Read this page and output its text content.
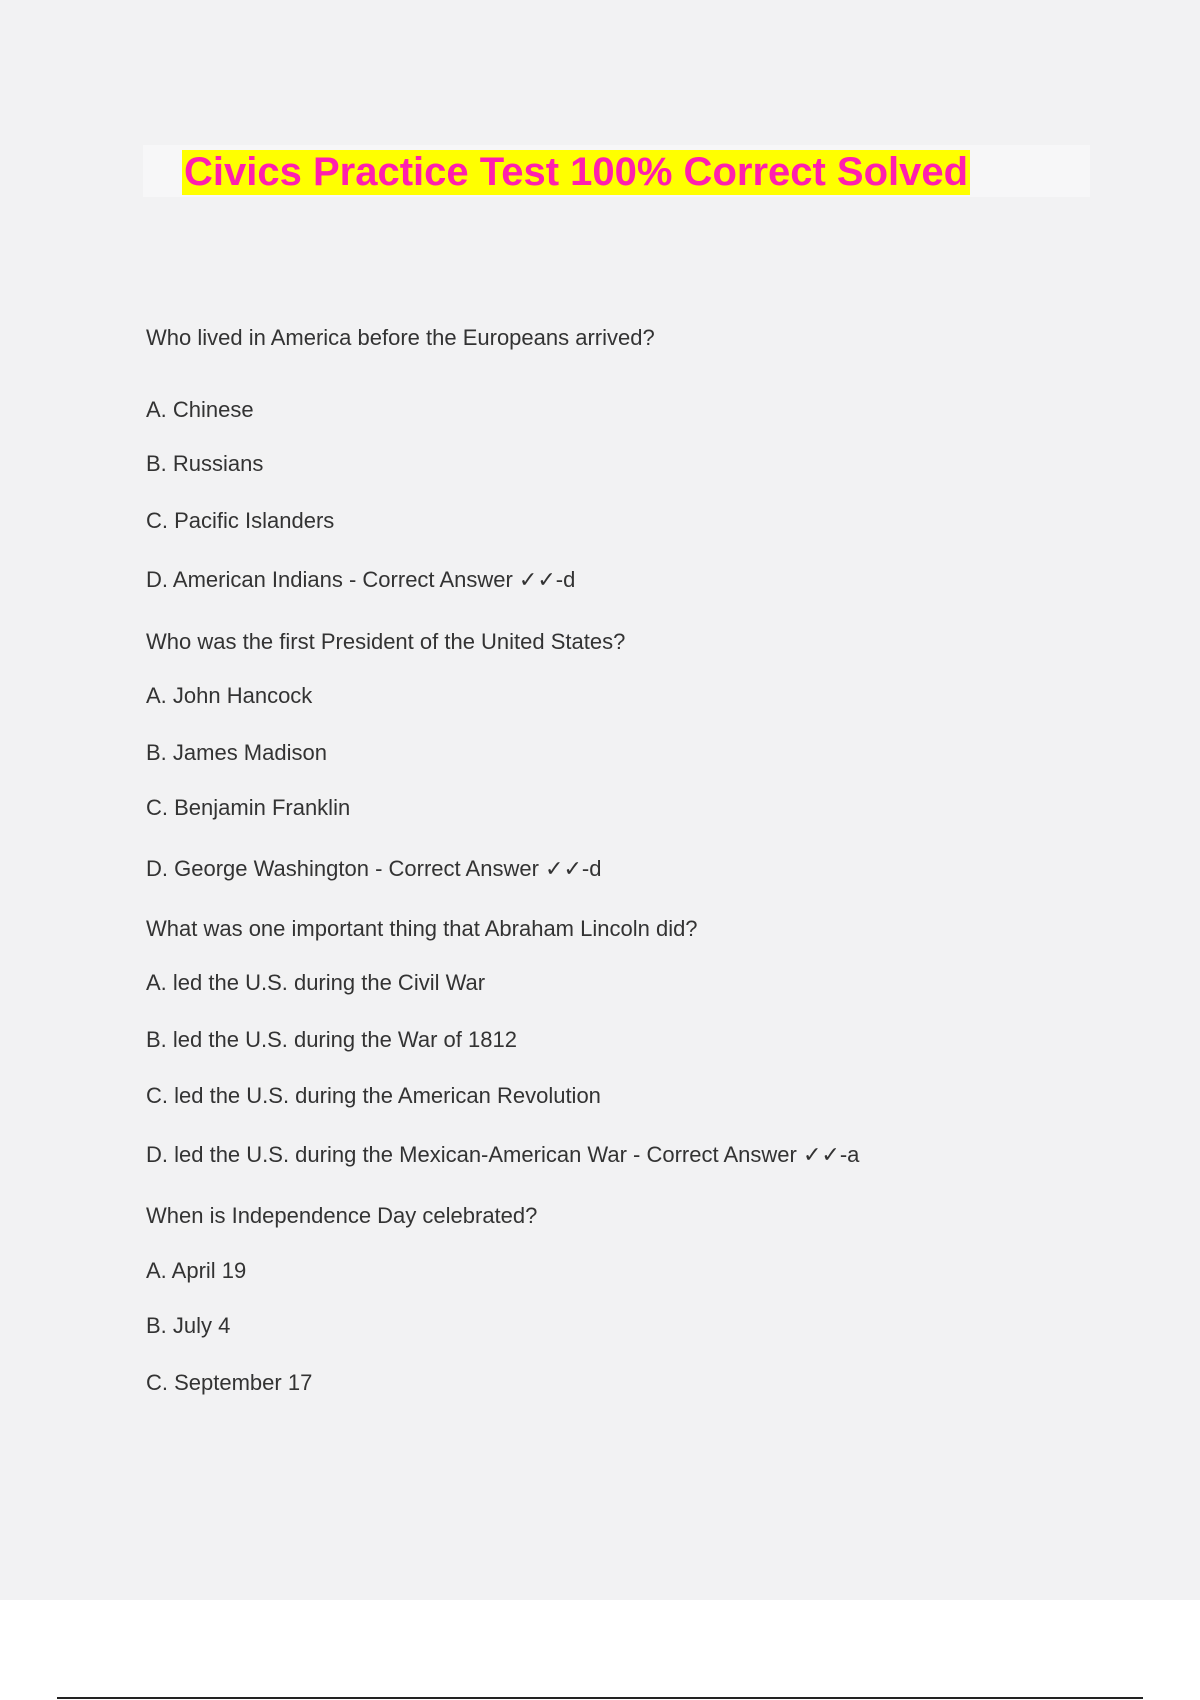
Civics Practice Test 100% Correct Solved
Who lived in America before the Europeans arrived?
A. Chinese
B. Russians
C. Pacific Islanders
D. American Indians - Correct Answer ✓✓-d
Who was the first President of the United States?
A. John Hancock
B. James Madison
C. Benjamin Franklin
D. George Washington - Correct Answer ✓✓-d
What was one important thing that Abraham Lincoln did?
A. led the U.S. during the Civil War
B. led the U.S. during the War of 1812
C. led the U.S. during the American Revolution
D. led the U.S. during the Mexican-American War - Correct Answer ✓✓-a
When is Independence Day celebrated?
A. April 19
B. July 4
C. September 17
